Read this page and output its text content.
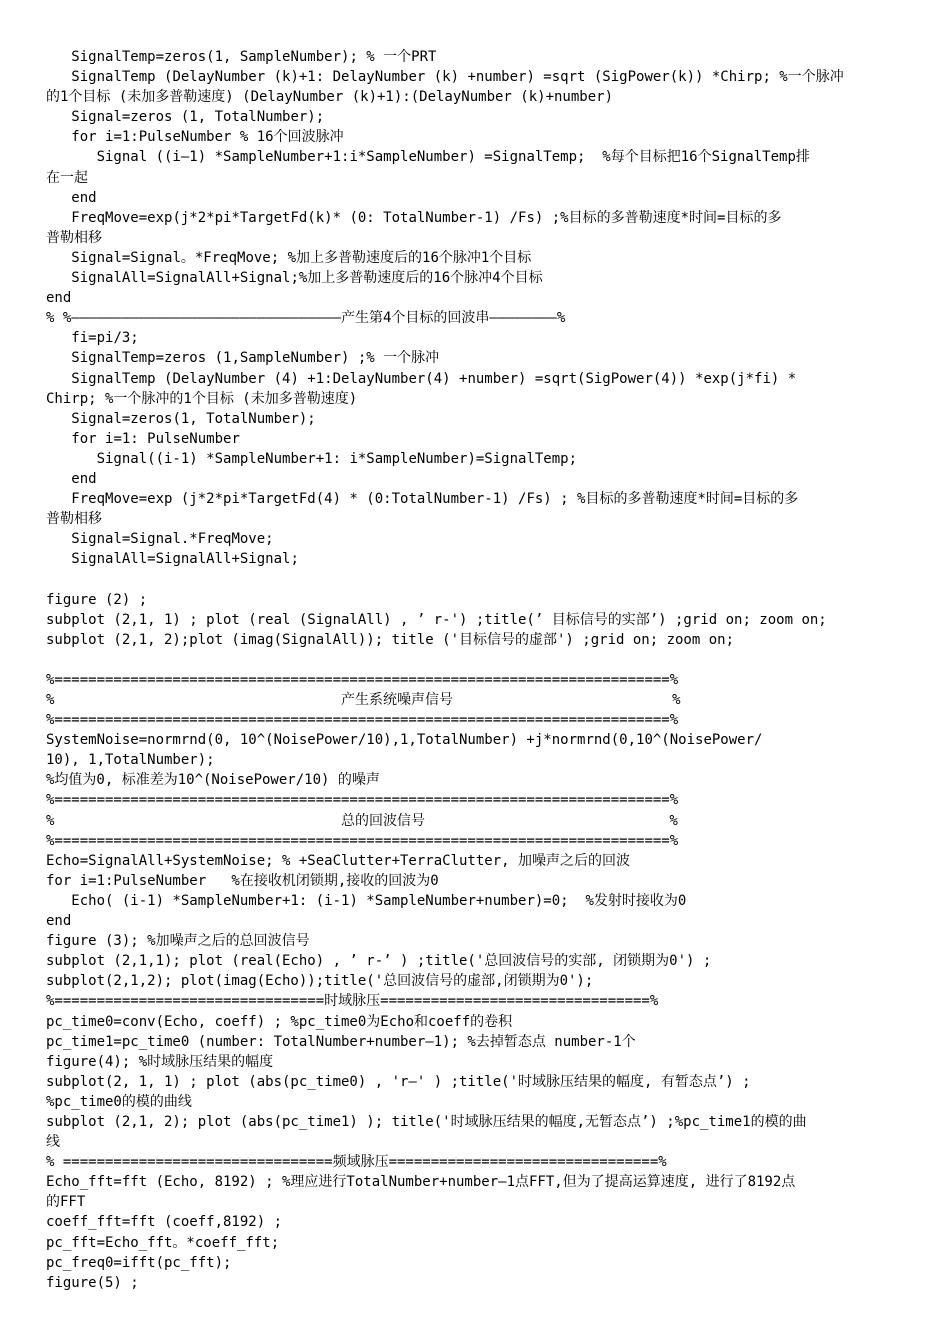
SignalTemp=zeros(1, SampleNumber); % 一个PRT
SignalTemp (DelayNumber (k)+1: DelayNumber (k) +number) =sqrt (SigPower(k)) *Chirp; %一个脉冲
的1个目标 (未加多普勒速度) (DelayNumber (k)+1):(DelayNumber (k)+number)
Signal=zeros (1, TotalNumber);
for i=1:PulseNumber % 16个回波脉冲
Signal ((i—1) *SampleNumber+1:i*SampleNumber) =SignalTemp;  %每个目标把16个SignalTemp排
在一起
end
FreqMove=exp(j*2*pi*TargetFd(k)* (0: TotalNumber-1) /Fs) ;%目标的多普勒速度*时间=目标的多
普勒相移
Signal=Signal。*FreqMove; %加上多普勒速度后的16个脉冲1个目标
SignalAll=SignalAll+Signal;%加上多普勒速度后的16个脉冲4个目标
end
% %————————————————————————————————产生第4个目标的回波串————————%
fi=pi/3;
SignalTemp=zeros (1,SampleNumber) ;% 一个脉冲
SignalTemp (DelayNumber (4) +1:DelayNumber(4) +number) =sqrt(SigPower(4)) *exp(j*fi) *
Chirp; %一个脉冲的1个目标 (未加多普勒速度)
Signal=zeros(1, TotalNumber);
for i=1: PulseNumber
Signal((i-1) *SampleNumber+1: i*SampleNumber)=SignalTemp;
end
FreqMove=exp (j*2*pi*TargetFd(4) * (0:TotalNumber-1) /Fs) ; %目标的多普勒速度*时间=目标的多
普勒相移
Signal=Signal.*FreqMove;
SignalAll=SignalAll+Signal;
figure (2) ;
subplot (2,1, 1) ; plot (real (SignalAll) , ’ r-') ;title(’ 目标信号的实部’) ;grid on; zoom on;
subplot (2,1, 2);plot (imag(SignalAll)); title ('目标信号的虚部') ;grid on; zoom on;
%=========================================================================%
%                                  产生系统噪声信号                          %
%=========================================================================%
SystemNoise=normrnd(0, 10^(NoisePower/10),1,TotalNumber) +j*normrnd(0,10^(NoisePower/
10), 1,TotalNumber);
%均值为0, 标准差为10^(NoisePower/10) 的噪声
%=========================================================================%
%                                  总的回波信号                             %
%=========================================================================%
Echo=SignalAll+SystemNoise; % +SeaClutter+TerraClutter, 加噪声之后的回波
for i=1:PulseNumber   %在接收机闭锁期,接收的回波为0
Echo( (i-1) *SampleNumber+1: (i-1) *SampleNumber+number)=0;  %发射时接收为0
end
figure (3); %加噪声之后的总回波信号
subplot (2,1,1); plot (real(Echo) , ’ r-’ ) ;title('总回波信号的实部, 闭锁期为0') ;
subplot(2,1,2); plot(imag(Echo));title('总回波信号的虚部,闭锁期为0');
%================================时域脉压================================%
pc_time0=conv(Echo, coeff) ; %pc_time0为Echo和coeff的卷积
pc_time1=pc_time0 (number: TotalNumber+number—1); %去掉暂态点 number-1个
figure(4); %时域脉压结果的幅度
subplot(2, 1, 1) ; plot (abs(pc_time0) , 'r—' ) ;title('时域脉压结果的幅度, 有暂态点’) ;
%pc_time0的模的曲线
subplot (2,1, 2); plot (abs(pc_time1) ); title('时域脉压结果的幅度,无暂态点’) ;%pc_time1的模的曲
线
% ================================频域脉压================================%
Echo_fft=fft (Echo, 8192) ; %理应进行TotalNumber+number—1点FFT,但为了提高运算速度, 进行了8192点
的FFT
coeff_fft=fft (coeff,8192) ;
pc_fft=Echo_fft。*coeff_fft;
pc_freq0=ifft(pc_fft);
figure(5) ;
